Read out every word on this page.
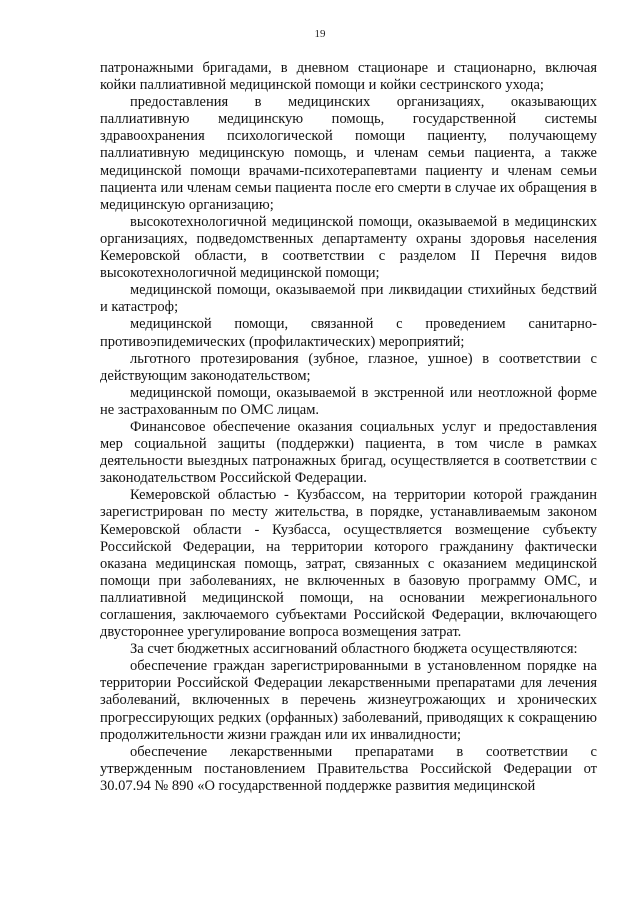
19

патронажными бригадами, в дневном стационаре и стационарно, включая койки паллиативной медицинской помощи и койки сестринского ухода;

предоставления в медицинских организациях, оказывающих паллиативную медицинскую помощь, государственной системы здравоохранения психологической помощи пациенту, получающему паллиативную медицинскую помощь, и членам семьи пациента, а также медицинской помощи врачами-психотерапевтами пациенту и членам семьи пациента или членам семьи пациента после его смерти в случае их обращения в медицинскую организацию;

высокотехнологичной медицинской помощи, оказываемой в медицинских организациях, подведомственных департаменту охраны здоровья населения Кемеровской области, в соответствии с разделом II Перечня видов высокотехнологичной медицинской помощи;

медицинской помощи, оказываемой при ликвидации стихийных бедствий и катастроф;

медицинской помощи, связанной с проведением санитарно-противоэпидемических (профилактических) мероприятий;

льготного протезирования (зубное, глазное, ушное) в соответствии с действующим законодательством;

медицинской помощи, оказываемой в экстренной или неотложной форме не застрахованным по ОМС лицам.

Финансовое обеспечение оказания социальных услуг и предоставления мер социальной защиты (поддержки) пациента, в том числе в рамках деятельности выездных патронажных бригад, осуществляется в соответствии с законодательством Российской Федерации.

Кемеровской областью - Кузбассом, на территории которой гражданин зарегистрирован по месту жительства, в порядке, устанавливаемым законом Кемеровской области - Кузбасса, осуществляется возмещение субъекту Российской Федерации, на территории которого гражданину фактически оказана медицинская помощь, затрат, связанных с оказанием медицинской помощи при заболеваниях, не включенных в базовую программу ОМС, и паллиативной медицинской помощи, на основании межрегионального соглашения, заключаемого субъектами Российской Федерации, включающего двустороннее урегулирование вопроса возмещения затрат.

За счет бюджетных ассигнований областного бюджета осуществляются:

обеспечение граждан зарегистрированными в установленном порядке на территории Российской Федерации лекарственными препаратами для лечения заболеваний, включенных в перечень жизнеугрожающих и хронических прогрессирующих редких (орфанных) заболеваний, приводящих к сокращению продолжительности жизни граждан или их инвалидности;

обеспечение лекарственными препаратами в соответствии с утвержденным постановлением Правительства Российской Федерации от 30.07.94 № 890 «О государственной поддержке развития медицинской
